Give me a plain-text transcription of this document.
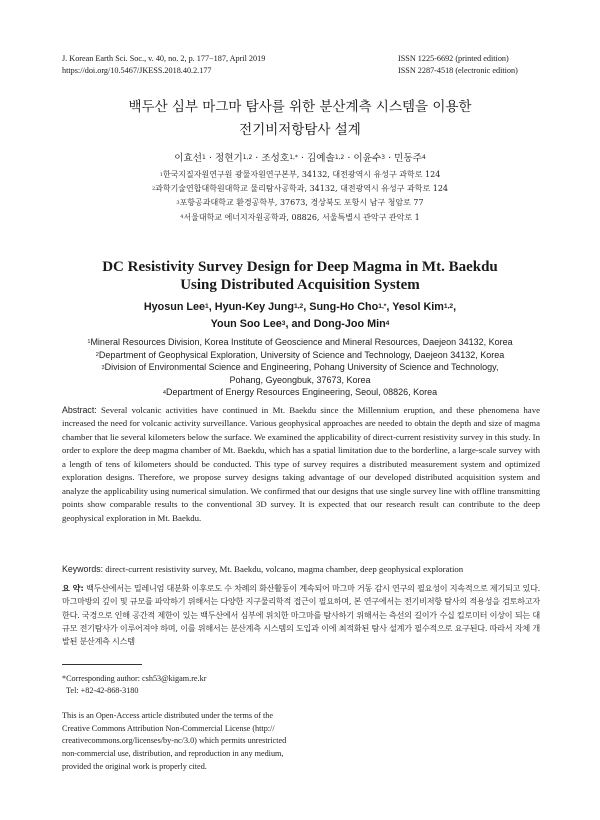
J. Korean Earth Sci. Soc., v. 40, no. 2, p. 177−187, April 2019
https://doi.org/10.5467/JKESS.2018.40.2.177
ISSN 1225-6692 (printed edition)
ISSN 2287-4518 (electronic edition)
백두산 심부 마그마 탐사를 위한 분산계측 시스템을 이용한
전기비저항탐사 설계
이효선$^1$ · 정현기$^{1,2}$ · 조성호$^{1,*}$ · 김예솔$^{1,2}$ · 이윤수$^3$ · 민동주$^4$
$^1$한국지질자원연구원 광물자원연구본부, 34132, 대전광역시 유성구 과학로 124
$^2$과학기술연합대학원대학교 물리탐사공학과, 34132, 대전광역시 유성구 과학로 124
$^3$포항공과대학교 환경공학부, 37673, 경상북도 포항시 남구 청암로 77
$^4$서울대학교 에너지자원공학과, 08826, 서울특별시 관악구 관악로 1
DC Resistivity Survey Design for Deep Magma in Mt. Baekdu
Using Distributed Acquisition System
Hyosun Lee$^1$, Hyun-Key Jung$^{1,2}$, Sung-Ho Cho$^{1,*}$, Yesol Kim$^{1,2}$,
Youn Soo Lee$^3$, and Dong-Joo Min$^4$
$^1$Mineral Resources Division, Korea Institute of Geoscience and Mineral Resources, Daejeon 34132, Korea
$^2$Department of Geophysical Exploration, University of Science and Technology, Daejeon 34132, Korea
$^3$Division of Environmental Science and Engineering, Pohang University of Science and Technology,
Pohang, Gyeongbuk, 37673, Korea
$^4$Department of Energy Resources Engineering, Seoul, 08826, Korea
Abstract: Several volcanic activities have continued in Mt. Baekdu since the Millennium eruption, and these phenomena have increased the need for volcanic activity surveillance. Various geophysical approaches are needed to obtain the depth and size of magma chamber that lie several kilometers below the surface. We examined the applicability of direct-current resistivity survey in this study. In order to explore the deep magma chamber of Mt. Baekdu, which has a spatial limitation due to the borderline, a large-scale survey with a length of tens of kilometers should be conducted. This type of survey requires a distributed measurement system and optimized exploration designs. Therefore, we propose survey designs taking advantage of our developed distributed acquisition system and analyze the applicability using numerical simulation. We confirmed that our designs that use single survey line with offline transmitting points show comparable results to the conventional 3D survey. It is expected that our research result can contribute to the deep geophysical exploration in Mt. Baekdu.
Keywords: direct-current resistivity survey, Mt. Baekdu, volcano, magma chamber, deep geophysical exploration
요 약: 백두산에서는 밀레니엄 대분화 이후로도 수 차례의 화산활동이 계속되어 마그마 거동 감시 연구의 필요성이 지속적으로 제기되고 있다. 마그마방의 깊이 및 규모를 파악하기 위해서는 다양한 지구물리학적 접근이 필요하며, 본 연구에서는 전기비저항 탐사의 적용성을 검토하고자 한다. 국경으로 인해 공간적 제한이 있는 백두산에서 심부에 위치한 마그마를 탐사하기 위해서는 측선의 길이가 수십 킬로미터 이상이 되는 대규모 전기탐사가 이루어져야 하며, 이를 위해서는 분산계측 시스템의 도입과 이에 최적화된 탐사 설계가 필수적으로 요구된다. 따라서 자체 개발된 분산계측 시스템
*Corresponding author: csh53@kigam.re.kr
Tel: +82-42-868-3180
This is an Open-Access article distributed under the terms of the
Creative Commons Attribution Non-Commercial License (http://
creativecommons.org/licenses/by-nc/3.0) which permits unrestricted
non-commercial use, distribution, and reproduction in any medium,
provided the original work is properly cited.
